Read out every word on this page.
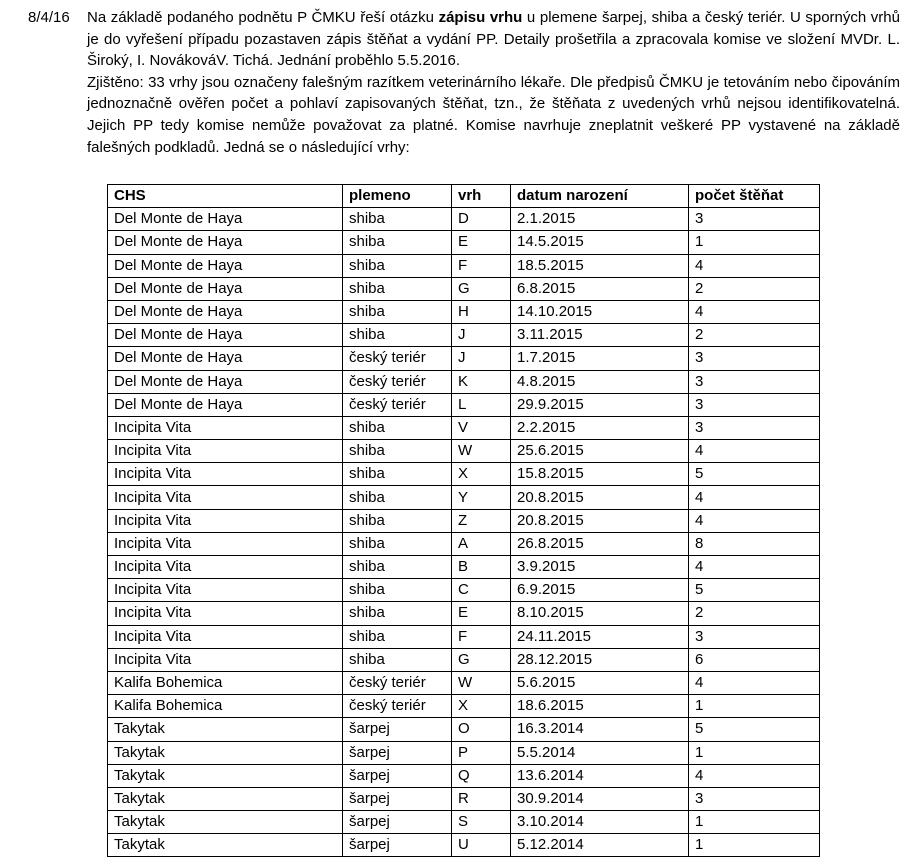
8/4/16 Na základě podaného podnětu P ČMKU řeší otázku zápisu vrhu u plemene šarpej, shiba a český teriér. U sporných vrhů je do vyřešení případu pozastaven zápis štěňat a vydání PP. Detaily prošetřila a zpracovala komise ve složení MVDr. L. Široký, I. NovákováV. Tichá. Jednání proběhlo 5.5.2016.

Zjištěno: 33 vrhy jsou označeny falešným razítkem veterinárního lékaře. Dle předpisů ČMKU je tetováním nebo čipováním jednoznačně ověřen počet a pohlaví zapisovaných štěňat, tzn., že štěňata z uvedených vrhů nejsou identifikovatelná. Jejich PP tedy komise nemůže považovat za platné. Komise navrhuje zneplatnit veškeré PP vystavené na základě falešných podkladů. Jedná se o následující vrhy:

CHS	plemeno	vrh	datum narození	počet štěňat
Del Monte de Haya	shiba	D	2.1.2015	3
Del Monte de Haya	shiba	E	14.5.2015	1
Del Monte de Haya	shiba	F	18.5.2015	4
Del Monte de Haya	shiba	G	6.8.2015	2
Del Monte de Haya	shiba	H	14.10.2015	4
Del Monte de Haya	shiba	J	3.11.2015	2
Del Monte de Haya	český teriér	J	1.7.2015	3
Del Monte de Haya	český teriér	K	4.8.2015	3
Del Monte de Haya	český teriér	L	29.9.2015	3
Incipita Vita	shiba	V	2.2.2015	3
Incipita Vita	shiba	W	25.6.2015	4
Incipita Vita	shiba	X	15.8.2015	5
Incipita Vita	shiba	Y	20.8.2015	4
Incipita Vita	shiba	Z	20.8.2015	4
Incipita Vita	shiba	A	26.8.2015	8
Incipita Vita	shiba	B	3.9.2015	4
Incipita Vita	shiba	C	6.9.2015	5
Incipita Vita	shiba	E	8.10.2015	2
Incipita Vita	shiba	F	24.11.2015	3
Incipita Vita	shiba	G	28.12.2015	6
Kalifa Bohemica	český teriér	W	5.6.2015	4
Kalifa Bohemica	český teriér	X	18.6.2015	1
Takytak	šarpej	O	16.3.2014	5
Takytak	šarpej	P	5.5.2014	1
Takytak	šarpej	Q	13.6.2014	4
Takytak	šarpej	R	30.9.2014	3
Takytak	šarpej	S	3.10.2014	1
Takytak	šarpej	U	5.12.2014	1
